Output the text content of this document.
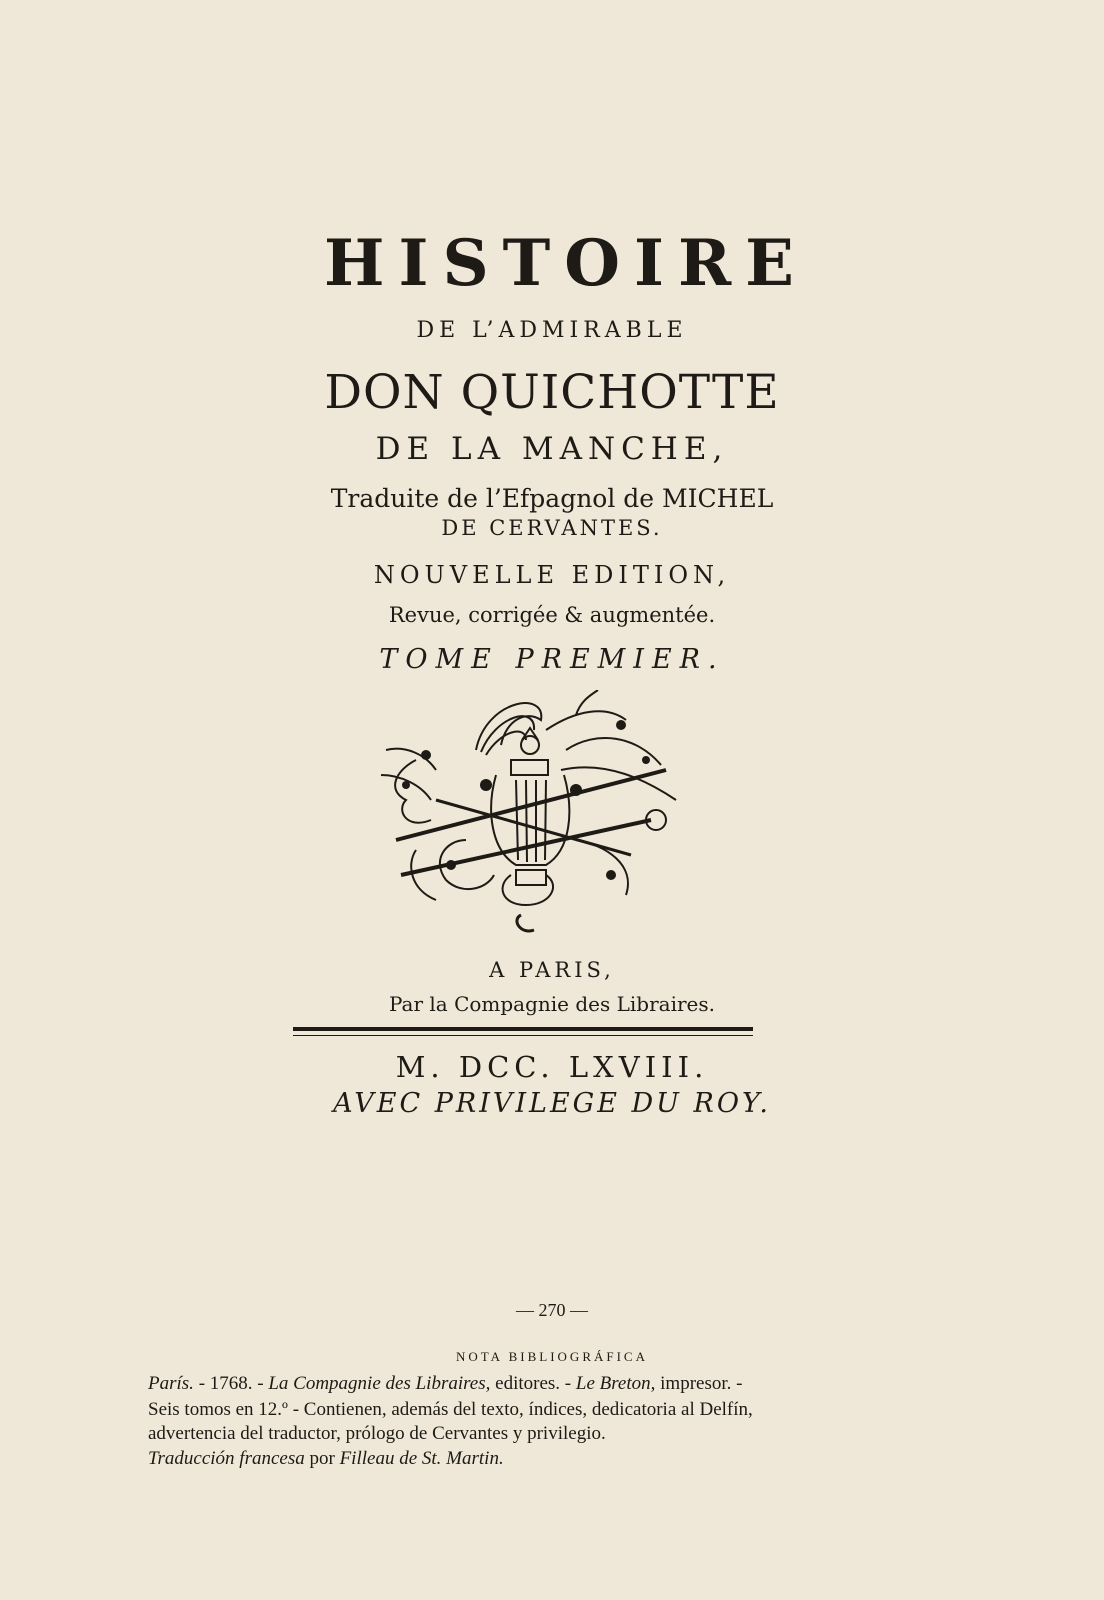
HISTOIRE
DE L’ADMIRABLE
DON QUICHOTTE
DE LA MANCHE,
Traduite de l’Efpagnol de MICHEL
DE CERVANTES.
NOUVELLE EDITION,
Revue, corrigée & augmentée.
TOME PREMIER.
A PARIS,
Par la Compagnie des Libraires.
M. DCC. LXVIII.
AVEC PRIVILEGE DU ROY.
— 270 —
NOTA BIBLIOGRÁFICA
París. - 1768. - La Compagnie des Libraires, editores. - Le Breton, impresor. -
Seis tomos en 12.º - Contienen, además del texto, índices, dedicatoria al Delfín,
advertencia del traductor, prólogo de Cervantes y privilegio.
Traducción francesa por Filleau de St. Martin.
